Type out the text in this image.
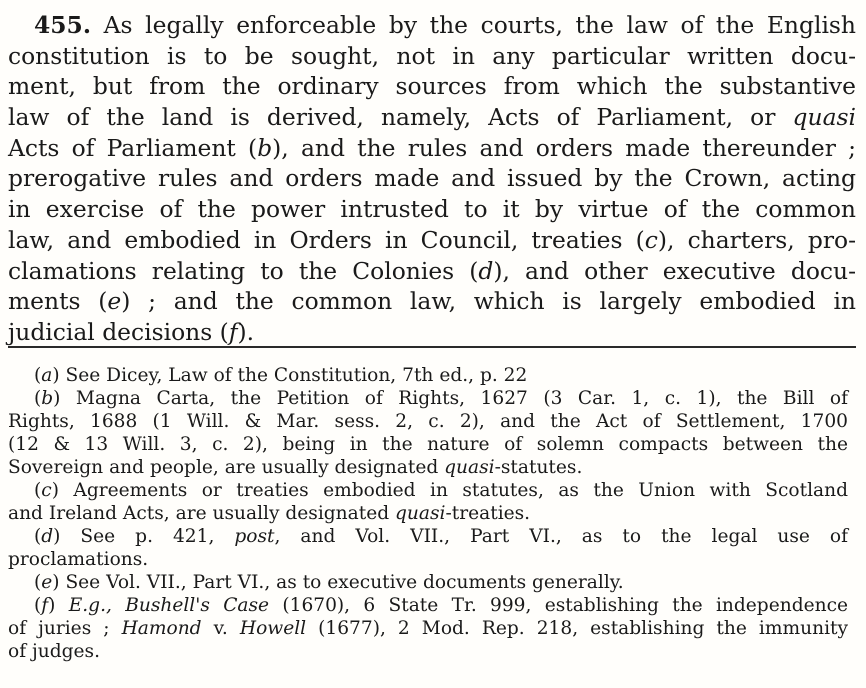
455. As legally enforceable by the courts, the law of the English
constitution is to be sought, not in any particular written docu-
ment, but from the ordinary sources from which the substantive
law of the land is derived, namely, Acts of Parliament, or quasi
Acts of Parliament (b), and the rules and orders made thereunder ;
prerogative rules and orders made and issued by the Crown, acting
in exercise of the power intrusted to it by virtue of the common
law, and embodied in Orders in Council, treaties (c), charters, pro-
clamations relating to the Colonies (d), and other executive docu-
ments (e) ; and the common law, which is largely embodied in
judicial decisions (f).
(a) See Dicey, Law of the Constitution, 7th ed., p. 22
(b) Magna Carta, the Petition of Rights, 1627 (3 Car. 1, c. 1), the Bill of
Rights, 1688 (1 Will. & Mar. sess. 2, c. 2), and the Act of Settlement, 1700
(12 & 13 Will. 3, c. 2), being in the nature of solemn compacts between the
Sovereign and people, are usually designated quasi-statutes.
(c) Agreements or treaties embodied in statutes, as the Union with Scotland
and Ireland Acts, are usually designated quasi-treaties.
(d) See p. 421, post, and Vol. VII., Part VI., as to the legal use of
proclamations.
(e) See Vol. VII., Part VI., as to executive documents generally.
(f) E.g., Bushell's Case (1670), 6 State Tr. 999, establishing the independence
of juries ; Hamond v. Howell (1677), 2 Mod. Rep. 218, establishing the immunity
of judges.
